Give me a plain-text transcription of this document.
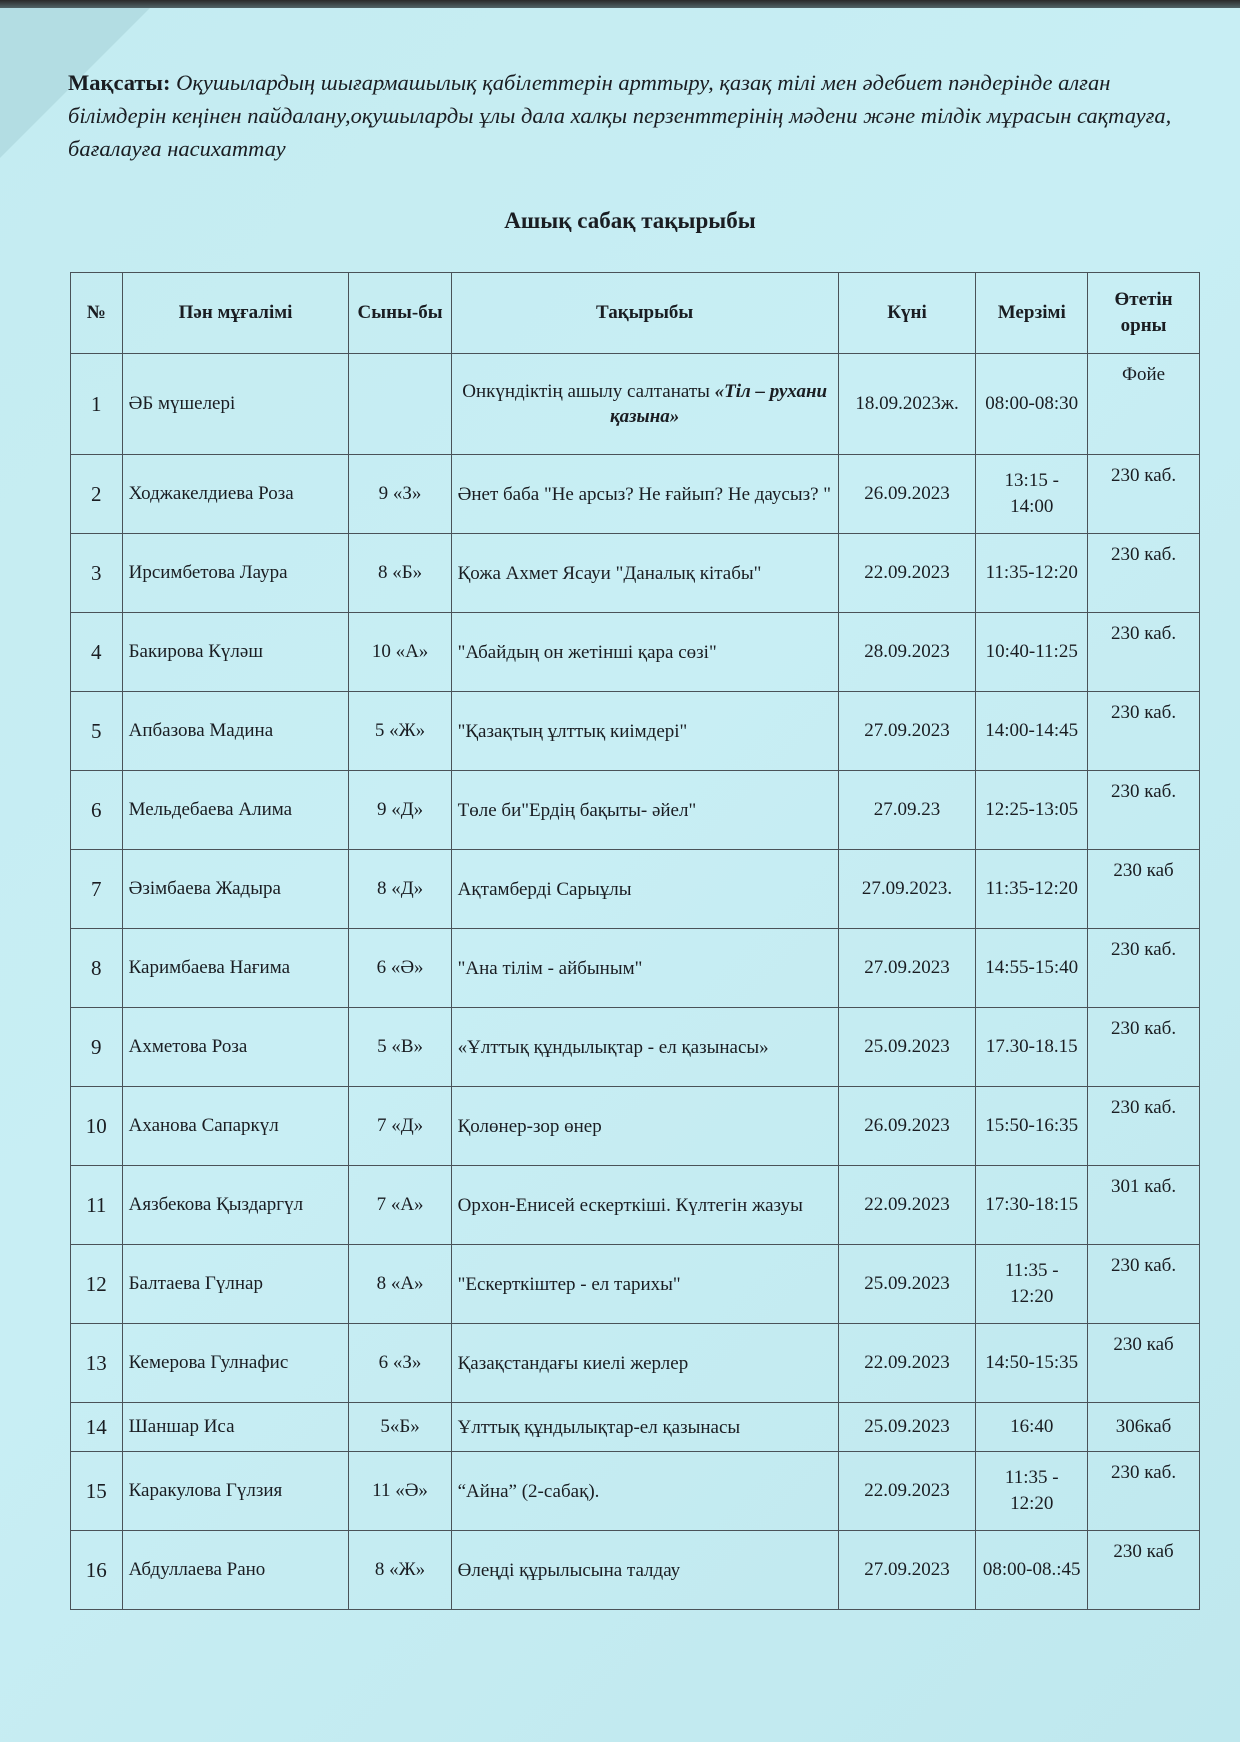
Мақсаты: Оқушылардың шығармашылық қабілеттерін арттыру, қазақ тілі мен әдебиет пәндерінде алған білімдерін кеңінен пайдалану,оқушыларды ұлы дала халқы перзенттерінің мәдени және тілдік мұрасын сақтауға, бағалауға насихаттау

Ашық сабақ тақырыбы
№	Пән мұғалімі	Сыны-бы	Тақырыбы	Күні	Мерзімі	Өтетін орны
1	ӘБ мүшелері		Онкүндіктің ашылу салтанаты «Тіл – рухани қазына»	18.09.2023ж.	08:00-08:30	Фойе
2	Ходжакелдиева Роза	9 «З»	Әнет баба "Не арсыз? Не ғайып? Не даусыз? "	26.09.2023	13:15 - 14:00	230 каб.
3	Ирсимбетова Лаура	8 «Б»	Қожа Ахмет Ясауи "Даналық кітабы"	22.09.2023	11:35-12:20	230 каб.
4	Бакирова Күләш	10 «А»	"Абайдың он жетінші қара сөзі"	28.09.2023	10:40-11:25	230 каб.
5	Апбазова Мадина	5 «Ж»	"Қазақтың ұлттық киімдері"	27.09.2023	14:00-14:45	230 каб.
6	Мельдебаева Алима	9 «Д»	Төле би"Ердің бақыты- әйел"	27.09.23	12:25-13:05	230 каб.
7	Әзімбаева Жадыра	8 «Д»	Ақтамберді Сарыұлы	27.09.2023.	11:35-12:20	230 каб
8	Каримбаева Нағима	6 «Ә»	"Ана тілім - айбыным"	27.09.2023	14:55-15:40	230 каб.
9	Ахметова Роза	5 «В»	«Ұлттық құндылықтар - ел қазынасы»	25.09.2023	17.30-18.15	230 каб.
10	Аханова Сапаркүл	7 «Д»	Қолөнер-зор өнер	26.09.2023	15:50-16:35	230 каб.
11	Аязбекова Қыздаргүл	7 «А»	Орхон-Енисей ескерткіші. Күлтегін жазуы	22.09.2023	17:30-18:15	301 каб.
12	Балтаева Гүлнар	8 «А»	"Ескерткіштер - ел тарихы"	25.09.2023	11:35 - 12:20	230 каб.
13	Кемерова Гулнафис	6 «З»	Қазақстандағы киелі жерлер	22.09.2023	14:50-15:35	230 каб
14	Шаншар Иса	5«Б»	Ұлттық құндылықтар-ел қазынасы	25.09.2023	16:40	306каб
15	Каракулова Гүлзия	11 «Ә»	“Айна” (2-сабақ).	22.09.2023	11:35 - 12:20	230 каб.
16	Абдуллаева Рано	8 «Ж»	Өлеңді құрылысына талдау	27.09.2023	08:00-08.:45	230 каб
